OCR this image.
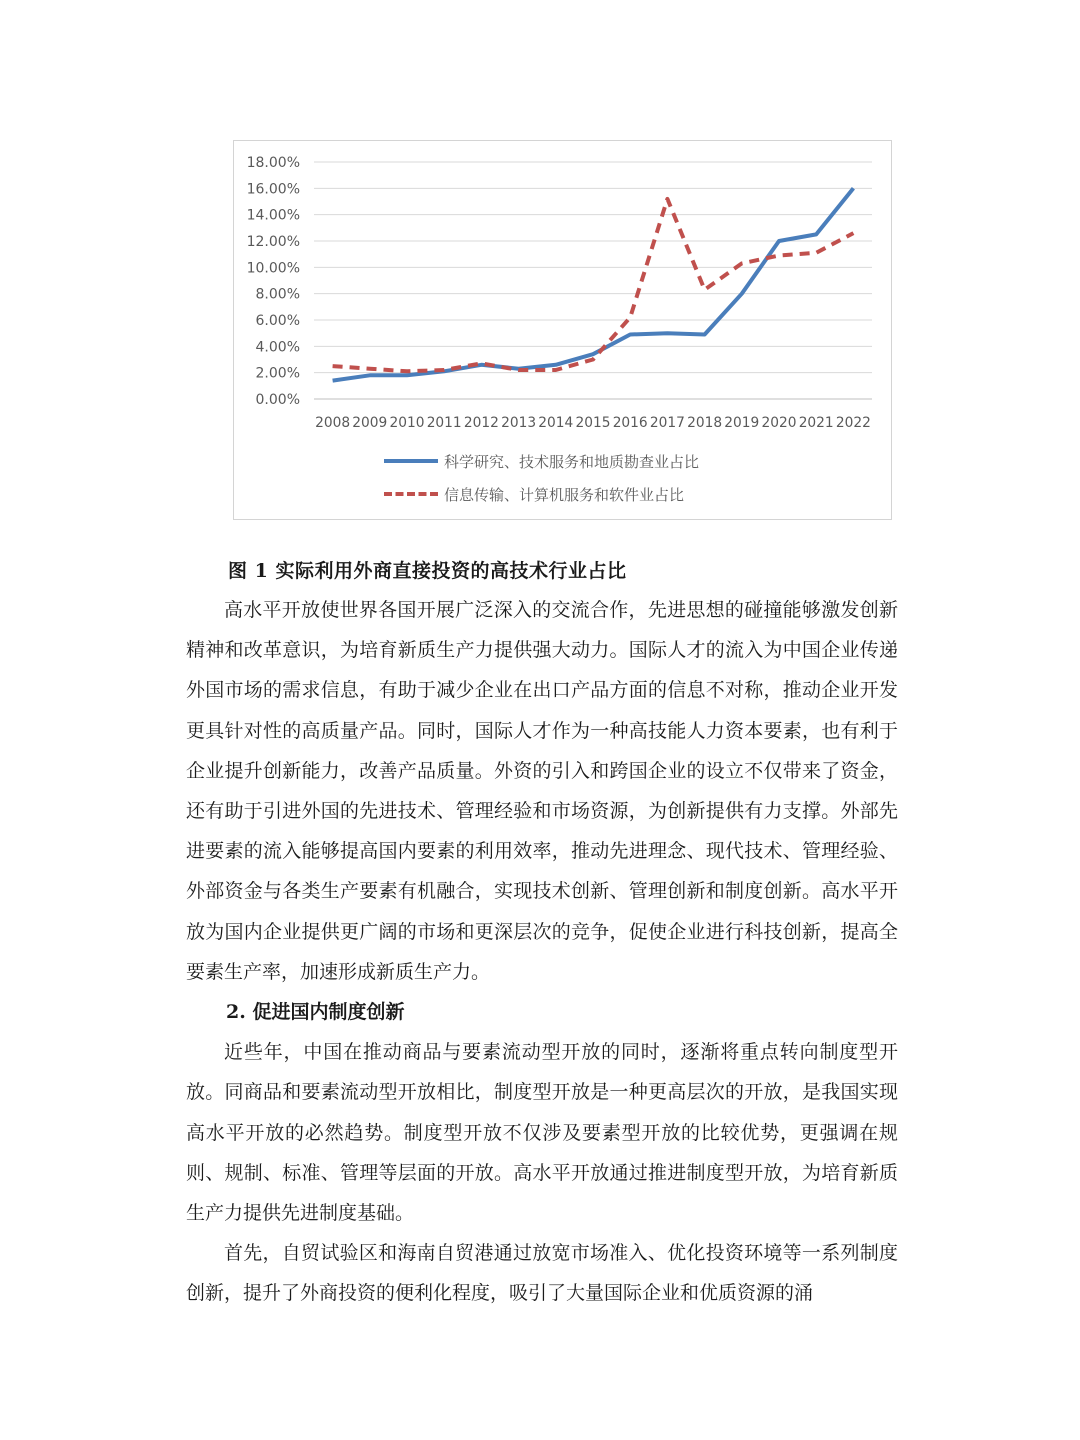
0.00%
2.00%
4.00%
6.00%
8.00%
10.00%
12.00%
14.00%
16.00%
18.00%
2008 2009 2010 2011 2012 2013 2014 2015 2016 2017 2018 2019 2020 2021 2022
科学研究、技术服务和地质勘查业占比
信息传输、计算机服务和软件业占比
图 1 实际利用外商直接投资的高技术行业占比

高水平开放使世界各国开展广泛深入的交流合作，先进思想的碰撞能够激发创新精神和改革意识，为培育新质生产力提供强大动力。国际人才的流入为中国企业传递外国市场的需求信息，有助于减少企业在出口产品方面的信息不对称，推动企业开发更具针对性的高质量产品。同时，国际人才作为一种高技能人力资本要素，也有利于企业提升创新能力，改善产品质量。外资的引入和跨国企业的设立不仅带来了资金，还有助于引进外国的先进技术、管理经验和市场资源，为创新提供有力支撑。外部先进要素的流入能够提高国内要素的利用效率，推动先进理念、现代技术、管理经验、外部资金与各类生产要素有机融合，实现技术创新、管理创新和制度创新。高水平开放为国内企业提供更广阔的市场和更深层次的竞争，促使企业进行科技创新，提高全要素生产率，加速形成新质生产力。

2. 促进国内制度创新

近些年，中国在推动商品与要素流动型开放的同时，逐渐将重点转向制度型开放。同商品和要素流动型开放相比，制度型开放是一种更高层次的开放，是我国实现高水平开放的必然趋势。制度型开放不仅涉及要素型开放的比较优势，更强调在规则、规制、标准、管理等层面的开放。高水平开放通过推进制度型开放，为培育新质生产力提供先进制度基础。

首先，自贸试验区和海南自贸港通过放宽市场准入、优化投资环境等一系列制度创新，提升了外商投资的便利化程度，吸引了大量国际企业和优质资源的涌
